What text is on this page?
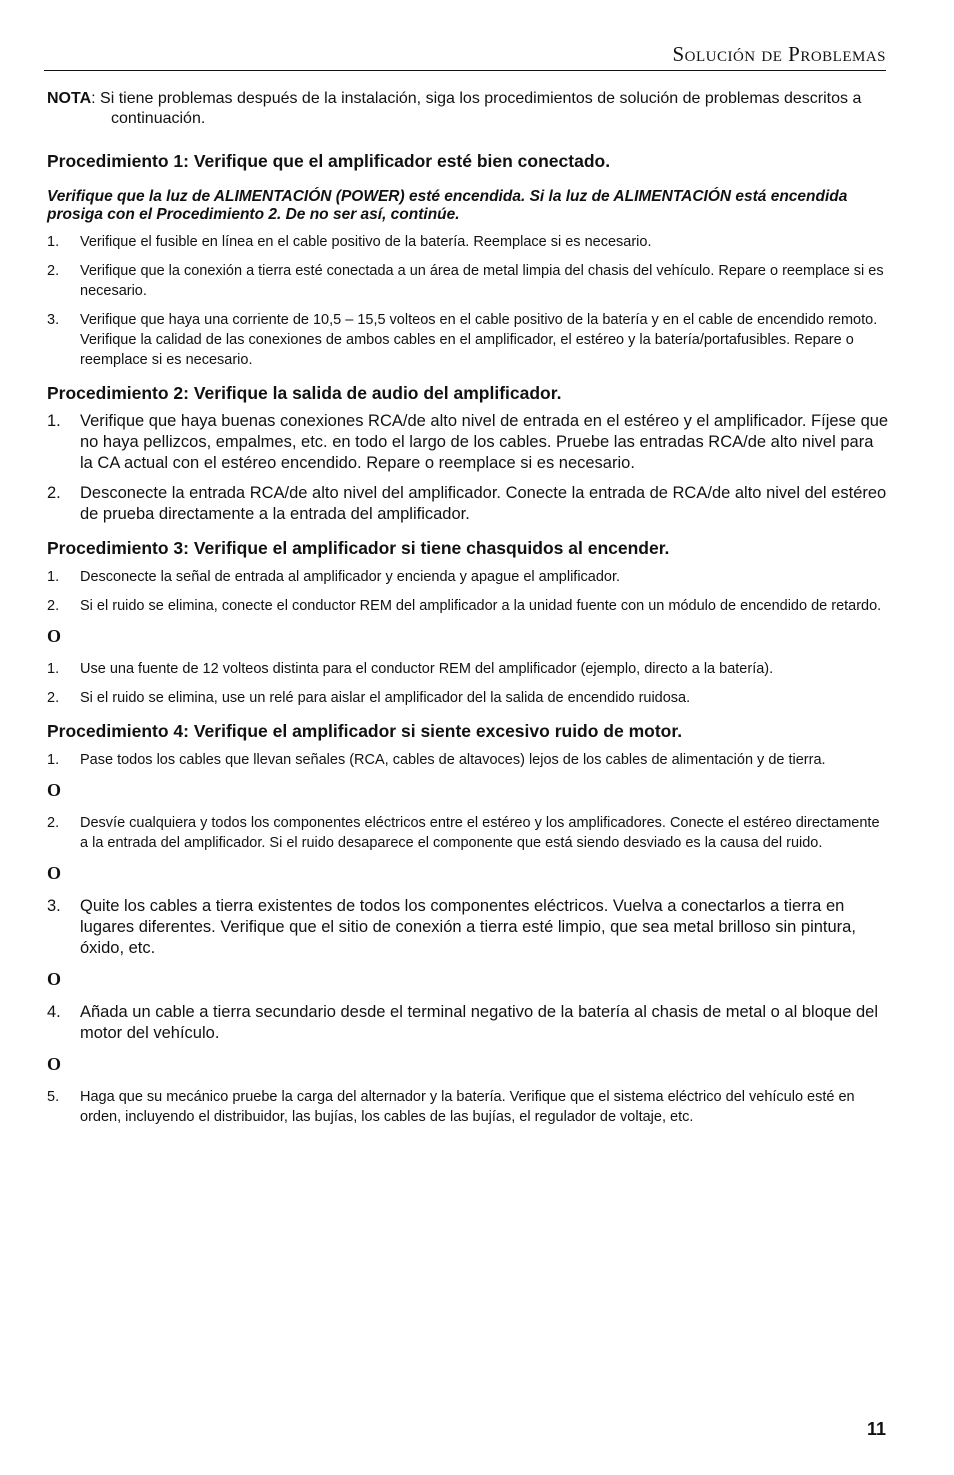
Solución de Problemas
NOTA: Si tiene problemas después de la instalación, siga los procedimientos de solución de problemas descritos a continuación.
Procedimiento 1: Verifique que el amplificador esté bien conectado.
Verifique que la luz de ALIMENTACIÓN (POWER) esté encendida. Si la luz de ALIMENTACIÓN está encendida prosiga con el Procedimiento 2. De no ser así, continúe.
1. Verifique el fusible en línea en el cable positivo de la batería. Reemplace si es necesario.
2. Verifique que la conexión a tierra esté conectada a un área de metal limpia del chasis del vehículo. Repare o reemplace si es necesario.
3. Verifique que haya una corriente de 10,5 – 15,5 volteos en el cable positivo de la batería y en el cable de encendido remoto. Verifique la calidad de las conexiones de ambos cables en el amplificador, el estéreo y la batería/portafusibles. Repare o reemplace si es necesario.
Procedimiento 2: Verifique la salida de audio del amplificador.
1. Verifique que haya buenas conexiones RCA/de alto nivel de entrada en el estéreo y el amplificador. Fíjese que no haya pellizcos, empalmes, etc. en todo el largo de los cables. Pruebe las entradas RCA/de alto nivel para la CA actual con el estéreo encendido. Repare o reemplace si es necesario.
2. Desconecte la entrada RCA/de alto nivel del amplificador. Conecte la entrada de RCA/de alto nivel del estéreo de prueba directamente a la entrada del amplificador.
Procedimiento 3: Verifique el amplificador si tiene chasquidos al encender.
1. Desconecte la señal de entrada al amplificador y encienda y apague el amplificador.
2. Si el ruido se elimina, conecte el conductor REM del amplificador a la unidad fuente con un módulo de encendido de retardo.
O
1. Use una fuente de 12 volteos distinta para el conductor REM del amplificador (ejemplo, directo a la batería).
2. Si el ruido se elimina, use un relé para aislar el amplificador del la salida de encendido ruidosa.
Procedimiento 4: Verifique el amplificador si siente excesivo ruido de motor.
1. Pase todos los cables que llevan señales (RCA, cables de altavoces) lejos de los cables de alimentación y de tierra.
O
2. Desvíe cualquiera y todos los componentes eléctricos entre el estéreo y los amplificadores. Conecte el estéreo directamente a la entrada del amplificador. Si el ruido desaparece el componente que está siendo desviado es la causa del ruido.
O
3. Quite los cables a tierra existentes de todos los componentes eléctricos. Vuelva a conectarlos a tierra en lugares diferentes. Verifique que el sitio de conexión a tierra esté limpio, que sea metal brilloso sin pintura, óxido, etc.
O
4. Añada un cable a tierra secundario desde el terminal negativo de la batería al chasis de metal o al bloque del motor del vehículo.
O
5. Haga que su mecánico pruebe la carga del alternador y la batería. Verifique que el sistema eléctrico del vehículo esté en orden, incluyendo el distribuidor, las bujías, los cables de las bujías, el regulador de voltaje, etc.
11
